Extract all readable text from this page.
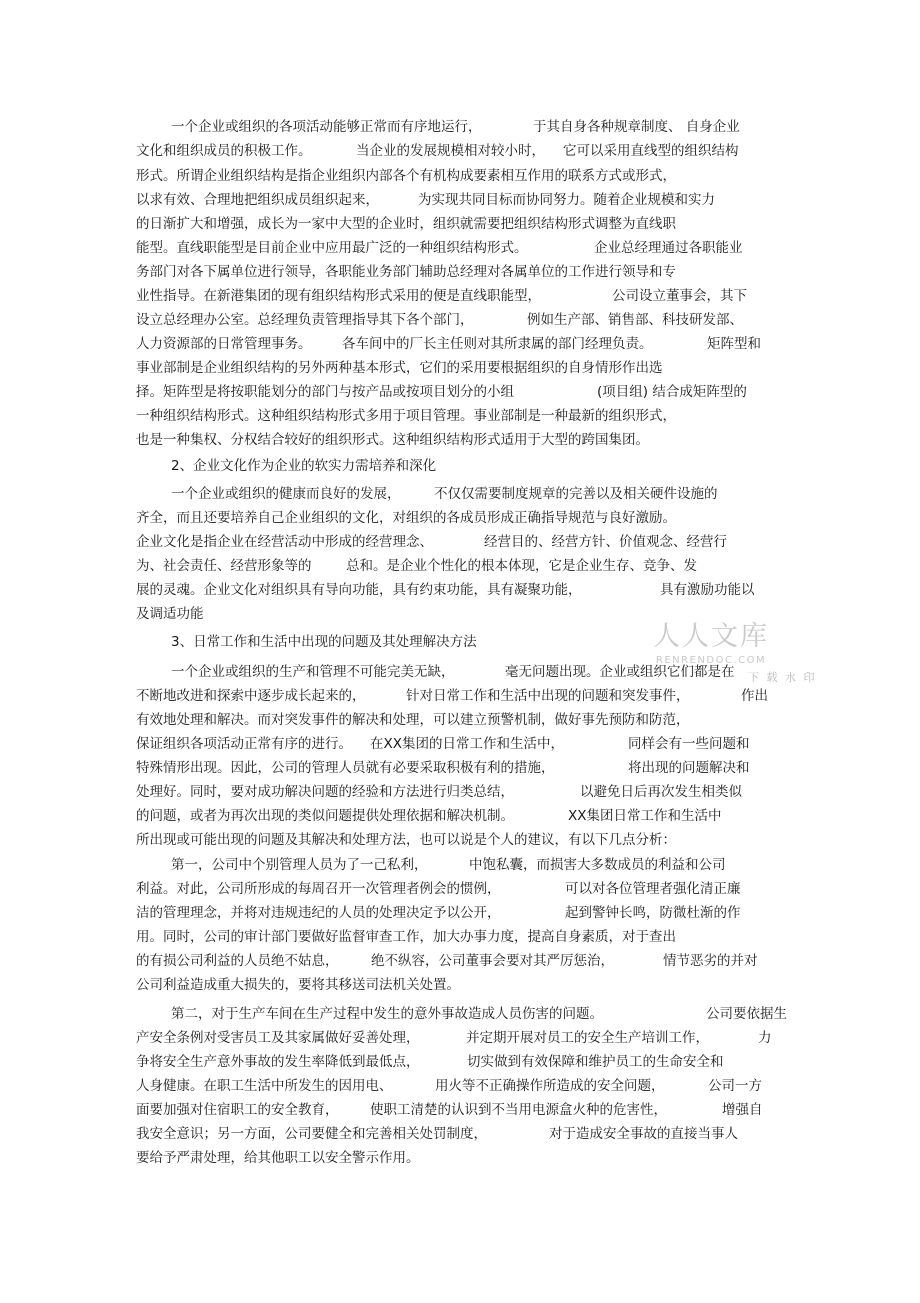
一个企业或组织的各项活动能够正常而有序地运行，	于其自身各种规章制度、 自身企业

文化和组织成员的积极工作。	当企业的发展规模相对较小时， 它可以采用直线型的组织结构

形式。所谓企业组织结构是指企业组织内部各个有机构成要素相互作用的联系方式或形式，

以求有效、合理地把组织成员组织起来，	为实现共同目标而协同努力。随着企业规模和实力

的日渐扩大和增强，成长为一家中大型的企业时，组织就需要把组织结构形式调整为直线职

能型。直线职能型是目前企业中应用最广泛的一种组织结构形式。	企业总经理通过各职能业

务部门对各下属单位进行领导，各职能业务部门辅助总经理对各属单位的工作进行领导和专

业性指导。在新港集团的现有组织结构形式采用的便是直线职能型，	公司设立董事会，其下

设立总经理办公室。总经理负责管理指导其下各个部门，	例如生产部、销售部、科技研发部、

人力资源部的日常管理事务。 各车间中的厂长主任则对其所隶属的部门经理负责。	矩阵型和

事业部制是企业组织结构的另外两种基本形式，它们的采用要根据组织的自身情形作出选

择。矩阵型是将按职能划分的部门与按产品或按项目划分的小组	(项目组) 结合成矩阵型的

一种组织结构形式。这种组织结构形式多用于项目管理。事业部制是一种最新的组织形式，

也是一种集权、分权结合较好的组织形式。这种组织结构形式适用于大型的跨国集团。

2、企业文化作为企业的软实力需培养和深化

一个企业或组织的健康而良好的发展， 不仅仅需要制度规章的完善以及相关硬件设施的

齐全，而且还要培养自己企业组织的文化，对组织的各成员形成正确指导规范与良好激励。

企业文化是指企业在经营活动中形成的经营理念、	经营目的、经营方针、价值观念、经营行

为、社会责任、经营形象等的	总和。是企业个性化的根本体现，它是企业生存、竞争、发

展的灵魂。企业文化对组织具有导向功能，具有约束功能，具有凝聚功能，	具有激励功能以

及调适功能

3、日常工作和生活中出现的问题及其处理解决方法

一个企业或组织的生产和管理不可能完美无缺，	毫无问题出现。企业或组织它们都是在

不断地改进和探索中逐步成长起来的，	针对日常工作和生活中出现的问题和突发事件，	作出

有效地处理和解决。而对突发事件的解决和处理，可以建立预警机制，做好事先预防和防范，

保证组织各项活动正常有序的进行。 在XX集团的日常工作和生活中，	同样会有一些问题和

特殊情形出现。因此，公司的管理人员就有必要采取积极有利的措施，	将出现的问题解决和

处理好。同时，要对成功解决问题的经验和方法进行归类总结，	以避免日后再次发生相类似

的问题，或者为再次出现的类似问题提供处理依据和解决机制。	XX集团日常工作和生活中

所出现或可能出现的问题及其解决和处理方法，也可以说是个人的建议，有以下几点分析：

第一，公司中个别管理人员为了一己私利，	中饱私囊，而损害大多数成员的利益和公司

利益。对此，公司所形成的每周召开一次管理者例会的惯例，	可以对各位管理者强化清正廉

洁的管理理念，并将对违规违纪的人员的处理决定予以公开，	起到警钟长鸣，防微杜渐的作

用。同时，公司的审计部门要做好监督审查工作，加大办事力度，提高自身素质，对于查出

的有损公司利益的人员绝不姑息， 绝不纵容，公司董事会要对其严厉惩治，	情节恶劣的并对

公司利益造成重大损失的，要将其移送司法机关处置。

第二，对于生产车间在生产过程中发生的意外事故造成人员伤害的问题。	公司要依据生

产安全条例对受害员工及其家属做好妥善处理，	并定期开展对员工的安全生产培训工作，	力

争将安全生产意外事故的发生率降低到最低点，	切实做到有效保障和维护员工的生命安全和

人身健康。在职工生活中所发生的因用电、	用火等不正确操作所造成的安全问题，	公司一方

面要加强对住宿职工的安全教育， 使职工清楚的认识到不当用电源盒火种的危害性，	增强自

我安全意识；另一方面，公司要健全和完善相关处罚制度，	对于造成安全事故的直接当事人

要给予严肃处理，给其他职工以安全警示作用。

人人文库
RENRENDOC.COM
下 载 水 印
